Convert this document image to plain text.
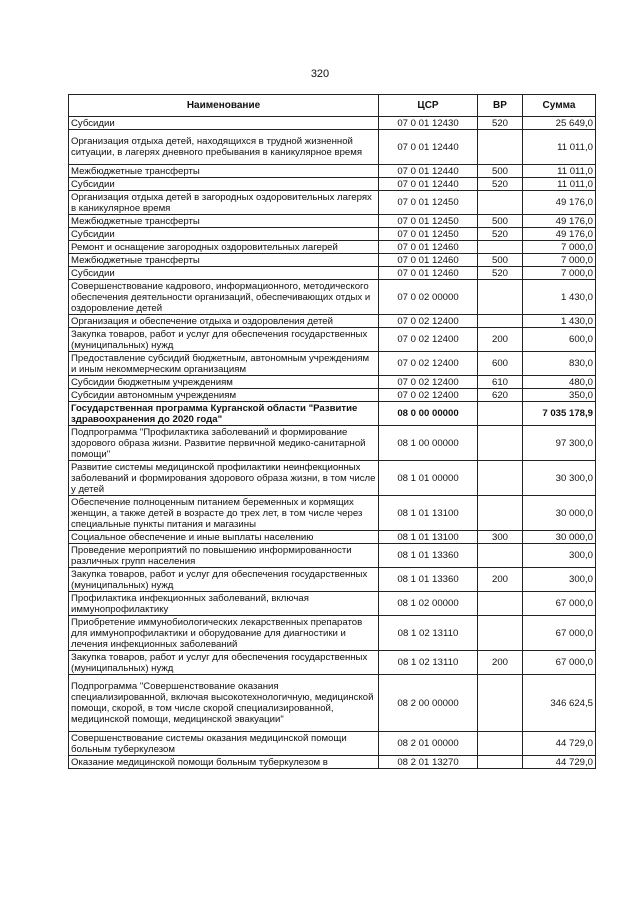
320
Наименование	ЦСР	ВР	Сумма
Субсидии	07 0 01 12430	520	25 649,0
Организация отдыха детей, находящихся в трудной жизненной ситуации, в лагерях дневного пребывания в каникулярное время	07 0 01 12440		11 011,0
Межбюджетные трансферты	07 0 01 12440	500	11 011,0
Субсидии	07 0 01 12440	520	11 011,0
Организация отдыха детей в загородных оздоровительных лагерях в каникулярное время	07 0 01 12450		49 176,0
Межбюджетные трансферты	07 0 01 12450	500	49 176,0
Субсидии	07 0 01 12450	520	49 176,0
Ремонт и оснащение загородных оздоровительных лагерей	07 0 01 12460		7 000,0
Межбюджетные трансферты	07 0 01 12460	500	7 000,0
Субсидии	07 0 01 12460	520	7 000,0
Совершенствование кадрового, информационного, методического обеспечения деятельности организаций, обеспечивающих отдых и оздоровление детей	07 0 02 00000		1 430,0
Организация и обеспечение отдыха и оздоровления детей	07 0 02 12400		1 430,0
Закупка товаров, работ и услуг для обеспечения государственных (муниципальных) нужд	07 0 02 12400	200	600,0
Предоставление субсидий бюджетным, автономным учреждениям и иным некоммерческим организациям	07 0 02 12400	600	830,0
Субсидии бюджетным учреждениям	07 0 02 12400	610	480,0
Субсидии автономным учреждениям	07 0 02 12400	620	350,0
Государственная программа Курганской области "Развитие здравоохранения до 2020 года"	08 0 00 00000		7 035 178,9
Подпрограмма "Профилактика заболеваний и формирование здорового образа жизни. Развитие первичной медико-санитарной помощи"	08 1 00 00000		97 300,0
Развитие системы медицинской профилактики неинфекционных заболеваний и формирования здорового образа жизни, в том числе у детей	08 1 01 00000		30 300,0
Обеспечение полноценным питанием беременных и кормящих женщин, а также детей в возрасте до трех лет, в том числе через специальные пункты питания и магазины	08 1 01 13100		30 000,0
Социальное обеспечение и иные выплаты населению	08 1 01 13100	300	30 000,0
Проведение мероприятий по повышению информированности различных групп населения	08 1 01 13360		300,0
Закупка товаров, работ и услуг для обеспечения государственных (муниципальных) нужд	08 1 01 13360	200	300,0
Профилактика инфекционных заболеваний, включая иммунопрофилактику	08 1 02 00000		67 000,0
Приобретение иммунобиологических лекарственных препаратов для иммунопрофилактики и оборудование для диагностики и лечения инфекционных заболеваний	08 1 02 13110		67 000,0
Закупка товаров, работ и услуг для обеспечения государственных (муниципальных) нужд	08 1 02 13110	200	67 000,0
Подпрограмма "Совершенствование оказания специализированной, включая высокотехнологичную, медицинской помощи, скорой, в том числе скорой специализированной, медицинской помощи, медицинской эвакуации"	08 2 00 00000		346 624,5
Совершенствование системы оказания медицинской помощи больным туберкулезом	08 2 01 00000		44 729,0
Оказание медицинской помощи больным туберкулезом в	08 2 01 13270		44 729,0
